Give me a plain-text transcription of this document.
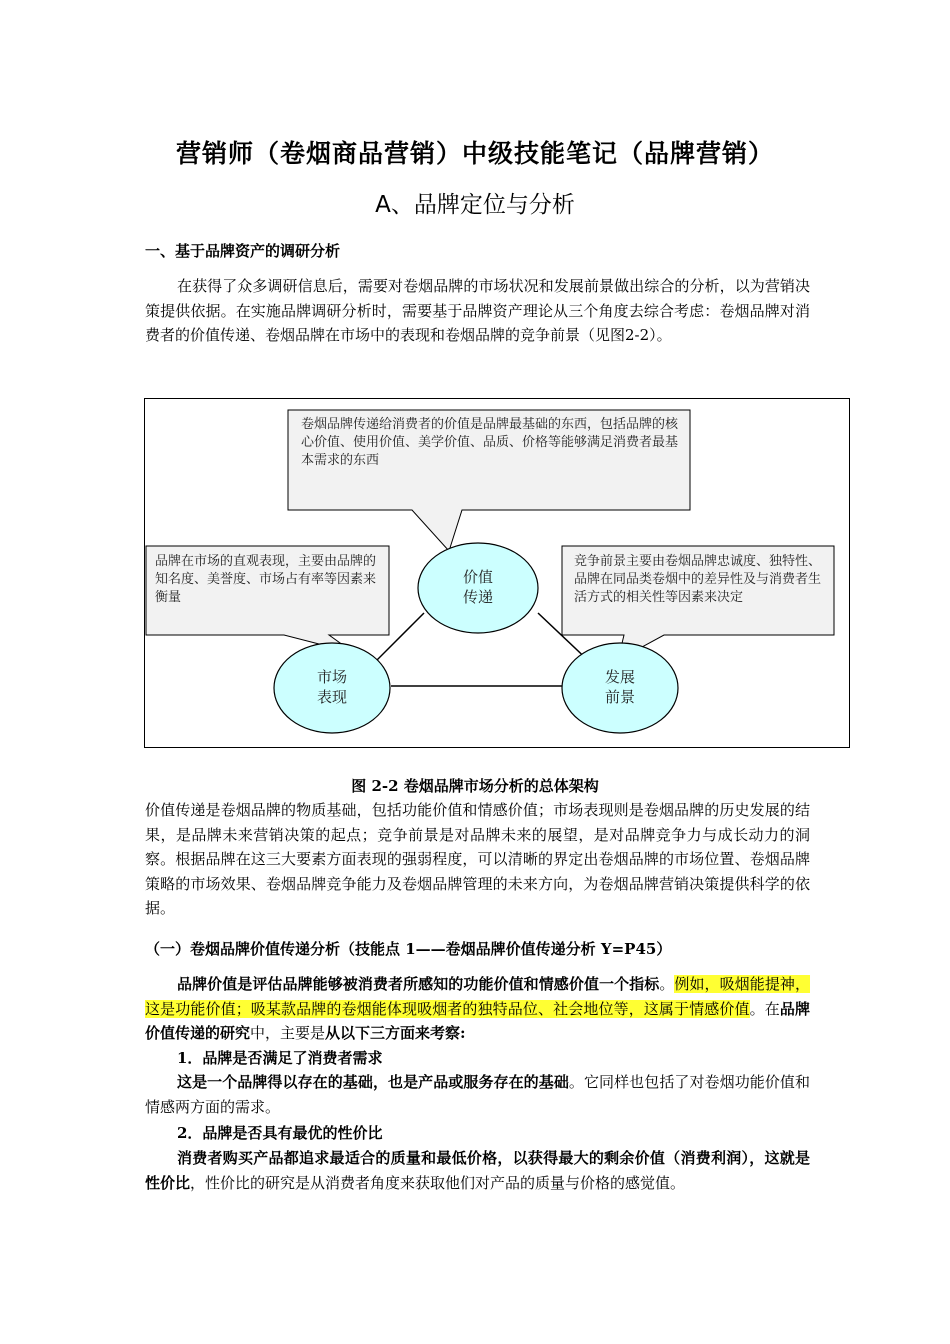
营销师（卷烟商品营销）中级技能笔记（品牌营销）
A、品牌定位与分析
一、基于品牌资产的调研分析
在获得了众多调研信息后，需要对卷烟品牌的市场状况和发展前景做出综合的分析，以为营销决策提供依据。在实施品牌调研分析时，需要基于品牌资产理论从三个角度去综合考虑：卷烟品牌对消费者的价值传递、卷烟品牌在市场中的表现和卷烟品牌的竞争前景（见图2-2）。
卷烟品牌传递给消费者的价值是品牌最基础的东西，包括品牌的核心价值、使用价值、美学价值、品质、价格等能够满足消费者最基本需求的东西
品牌在市场的直观表现，主要由品牌的知名度、美誉度、市场占有率等因素来衡量
竞争前景主要由卷烟品牌忠诚度、独特性、品牌在同品类卷烟中的差异性及与消费者生活方式的相关性等因素来决定
价值
传递
市场
表现
发展
前景
图 2-2 卷烟品牌市场分析的总体架构
价值传递是卷烟品牌的物质基础，包括功能价值和情感价值；市场表现则是卷烟品牌的历史发展的结果，是品牌未来营销决策的起点；竞争前景是对品牌未来的展望，是对品牌竞争力与成长动力的洞察。根据品牌在这三大要素方面表现的强弱程度，可以清晰的界定出卷烟品牌的市场位置、卷烟品牌策略的市场效果、卷烟品牌竞争能力及卷烟品牌管理的未来方向，为卷烟品牌营销决策提供科学的依据。
（一）卷烟品牌价值传递分析（技能点 1——卷烟品牌价值传递分析 Y=P45）
品牌价值是评估品牌能够被消费者所感知的功能价值和情感价值一个指标。例如，吸烟能提神，这是功能价值；吸某款品牌的卷烟能体现吸烟者的独特品位、社会地位等，这属于情感价值。在品牌价值传递的研究中，主要是从以下三方面来考察:
1．品牌是否满足了消费者需求
这是一个品牌得以存在的基础，也是产品或服务存在的基础。它同样也包括了对卷烟功能价值和情感两方面的需求。
2．品牌是否具有最优的性价比
消费者购买产品都追求最适合的质量和最低价格，以获得最大的剩余价值（消费利润），这就是性价比，性价比的研究是从消费者角度来获取他们对产品的质量与价格的感觉值。
